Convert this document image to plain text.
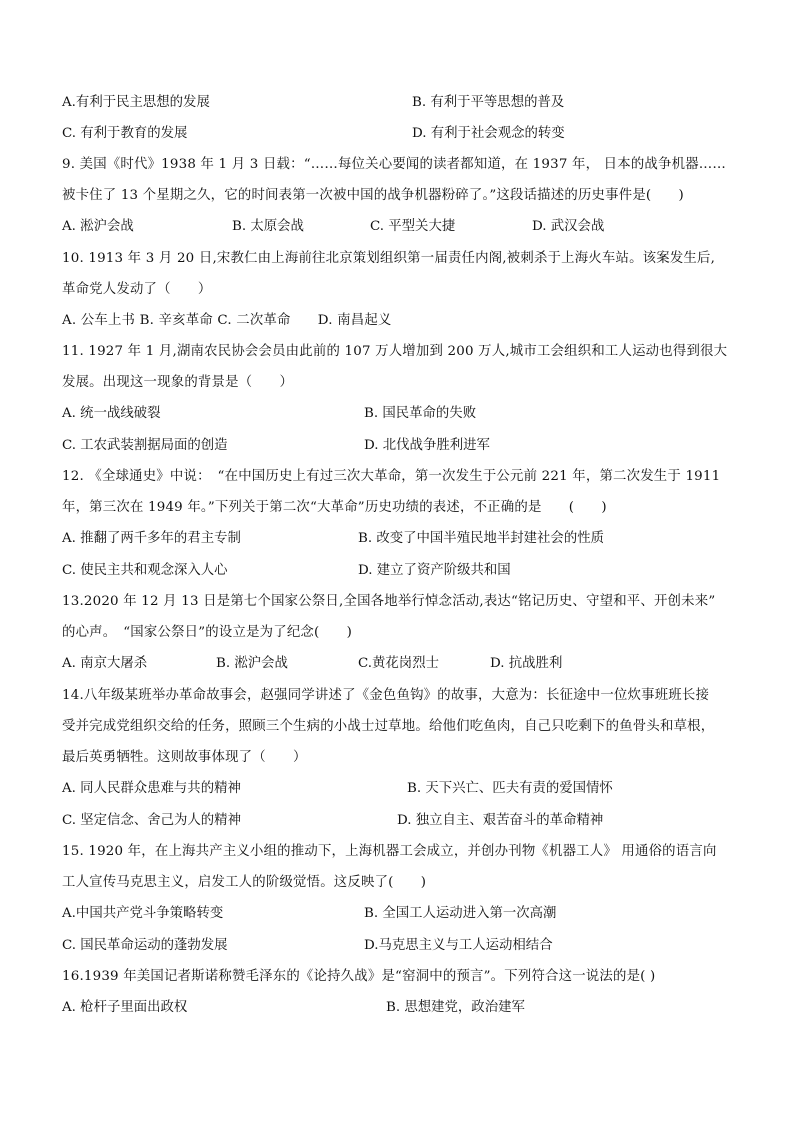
A.有利于民主思想的发展	B. 有利于平等思想的普及
C. 有利于教育的发展	D. 有利于社会观念的转变
9. 美国《时代》1938 年 1 月 3 日载：“……每位关心要闻的读者都知道，在 1937 年， 日本的战争机器……
被卡住了 13 个星期之久，它的时间表第一次被中国的战争机器粉碎了。”这段话描述的历史事件是(　　)
A. 淞沪会战	B. 太原会战	C. 平型关大捷	D. 武汉会战
10. 1913 年 3 月 20 日,宋教仁由上海前往北京策划组织第一届责任内阁,被刺杀于上海火车站。该案发生后,
革命党人发动了（　　）
A. 公车上书 B. 辛亥革命 C. 二次革命　　D. 南昌起义
11. 1927 年 1 月,湖南农民协会会员由此前的 107 万人增加到 200 万人,城市工会组织和工人运动也得到很大
发展。出现这一现象的背景是（　　）
A. 统一战线破裂	B. 国民革命的失败
C. 工农武装割据局面的创造	D. 北伐战争胜利进军
12. 《全球通史》中说：　“在中国历史上有过三次大革命，第一次发生于公元前 221 年，第二次发生于 1911
年，第三次在 1949 年。”下列关于第二次“大革命”历史功绩的表述，不正确的是　　(　　)
A. 推翻了两千多年的君主专制	B. 改变了中国半殖民地半封建社会的性质
C. 使民主共和观念深入人心	D. 建立了资产阶级共和国
13.2020 年 12 月 13 日是第七个国家公祭日,全国各地举行悼念活动,表达“铭记历史、守望和平、开创未来”
的心声。　“国家公祭日”的设立是为了纪念(　　)
A. 南京大屠杀	B. 淞沪会战	C.黄花岗烈士	D. 抗战胜利
14.八年级某班举办革命故事会，赵强同学讲述了《金色鱼钩》的故事，大意为：长征途中一位炊事班班长接
受并完成党组织交给的任务，照顾三个生病的小战士过草地。给他们吃鱼肉，自己只吃剩下的鱼骨头和草根，
最后英勇牺牲。这则故事体现了（　　）
A. 同人民群众患难与共的精神	B. 天下兴亡、匹夫有责的爱国情怀
C. 坚定信念、舍己为人的精神	D. 独立自主、艰苦奋斗的革命精神
15. 1920 年，在上海共产主义小组的推动下，上海机器工会成立，并创办刊物《机器工人》 用通俗的语言向
工人宣传马克思主义，启发工人的阶级觉悟。这反映了(　　)
A.中国共产党斗争策略转变	B. 全国工人运动进入第一次高潮
C. 国民革命运动的蓬勃发展	D.马克思主义与工人运动相结合
16.1939 年美国记者斯诺称赞毛泽东的《论持久战》是“窑洞中的预言”。下列符合这一说法的是( )
A. 枪杆子里面出政权	B. 思想建党，政治建军
